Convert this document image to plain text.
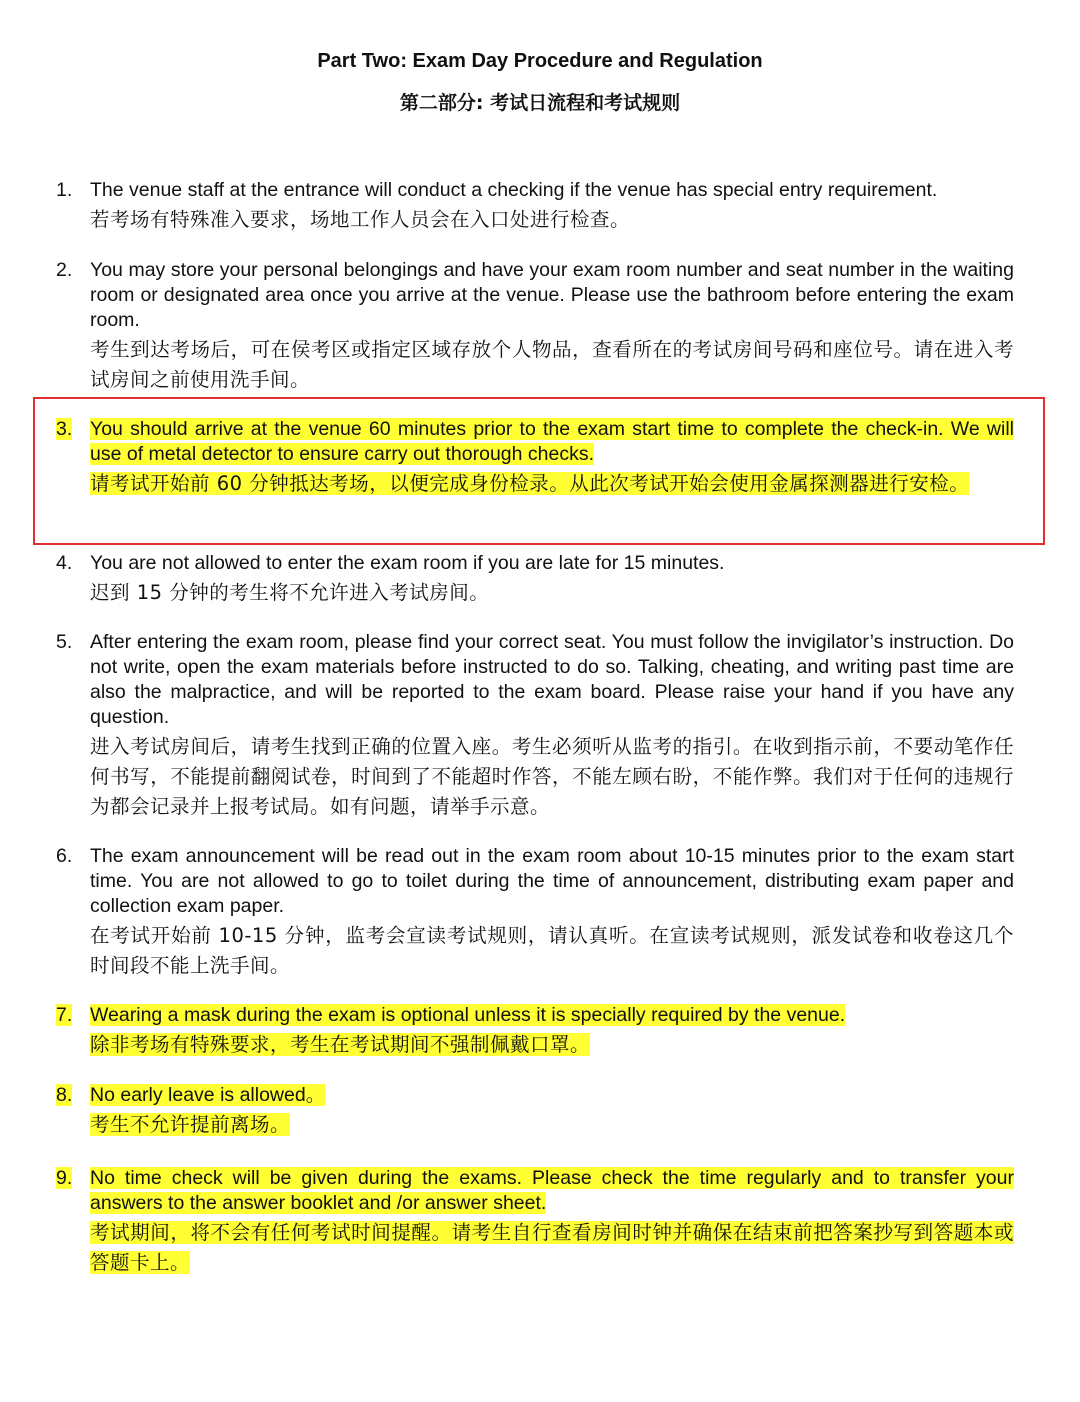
Part Two: Exam Day Procedure and Regulation
第二部分: 考试日流程和考试规则
1. The venue staff at the entrance will conduct a checking if the venue has special entry requirement.
若考场有特殊准入要求，场地工作人员会在入口处进行检查。
2. You may store your personal belongings and have your exam room number and seat number in the waiting room or designated area once you arrive at the venue. Please use the bathroom before entering the exam room.
考生到达考场后，可在侯考区或指定区域存放个人物品，查看所在的考试房间号码和座位号。请在进入考试房间之前使用洗手间。
3. You should arrive at the venue 60 minutes prior to the exam start time to complete the check-in. We will use of metal detector to ensure carry out thorough checks.
请考试开始前 60 分钟抵达考场，以便完成身份检录。从此次考试开始会使用金属探测器进行安检。
4. You are not allowed to enter the exam room if you are late for 15 minutes.
迟到 15 分钟的考生将不允许进入考试房间。
5. After entering the exam room, please find your correct seat. You must follow the invigilator’s instruction. Do not write, open the exam materials before instructed to do so. Talking, cheating, and writing past time are also the malpractice, and will be reported to the exam board. Please raise your hand if you have any question.
进入考试房间后，请考生找到正确的位置入座。考生必须听从监考的指引。在收到指示前，不要动笔作任何书写，不能提前翻阅试卷，时间到了不能超时作答，不能左顾右盼，不能作弊。我们对于任何的违规行为都会记录并上报考试局。如有问题，请举手示意。
6. The exam announcement will be read out in the exam room about 10-15 minutes prior to the exam start time. You are not allowed to go to toilet during the time of announcement, distributing exam paper and collection exam paper.
在考试开始前 10-15 分钟，监考会宣读考试规则，请认真听。在宣读考试规则，派发试卷和收卷这几个时间段不能上洗手间。
7. Wearing a mask during the exam is optional unless it is specially required by the venue.
除非考场有特殊要求，考生在考试期间不强制佩戴口罩。
8. No early leave is allowed。
考生不允许提前离场。
9. No time check will be given during the exams. Please check the time regularly and to transfer your answers to the answer booklet and /or answer sheet.
考试期间，将不会有任何考试时间提醒。请考生自行查看房间时钟并确保在结束前把答案抄写到答题本或答题卡上。
